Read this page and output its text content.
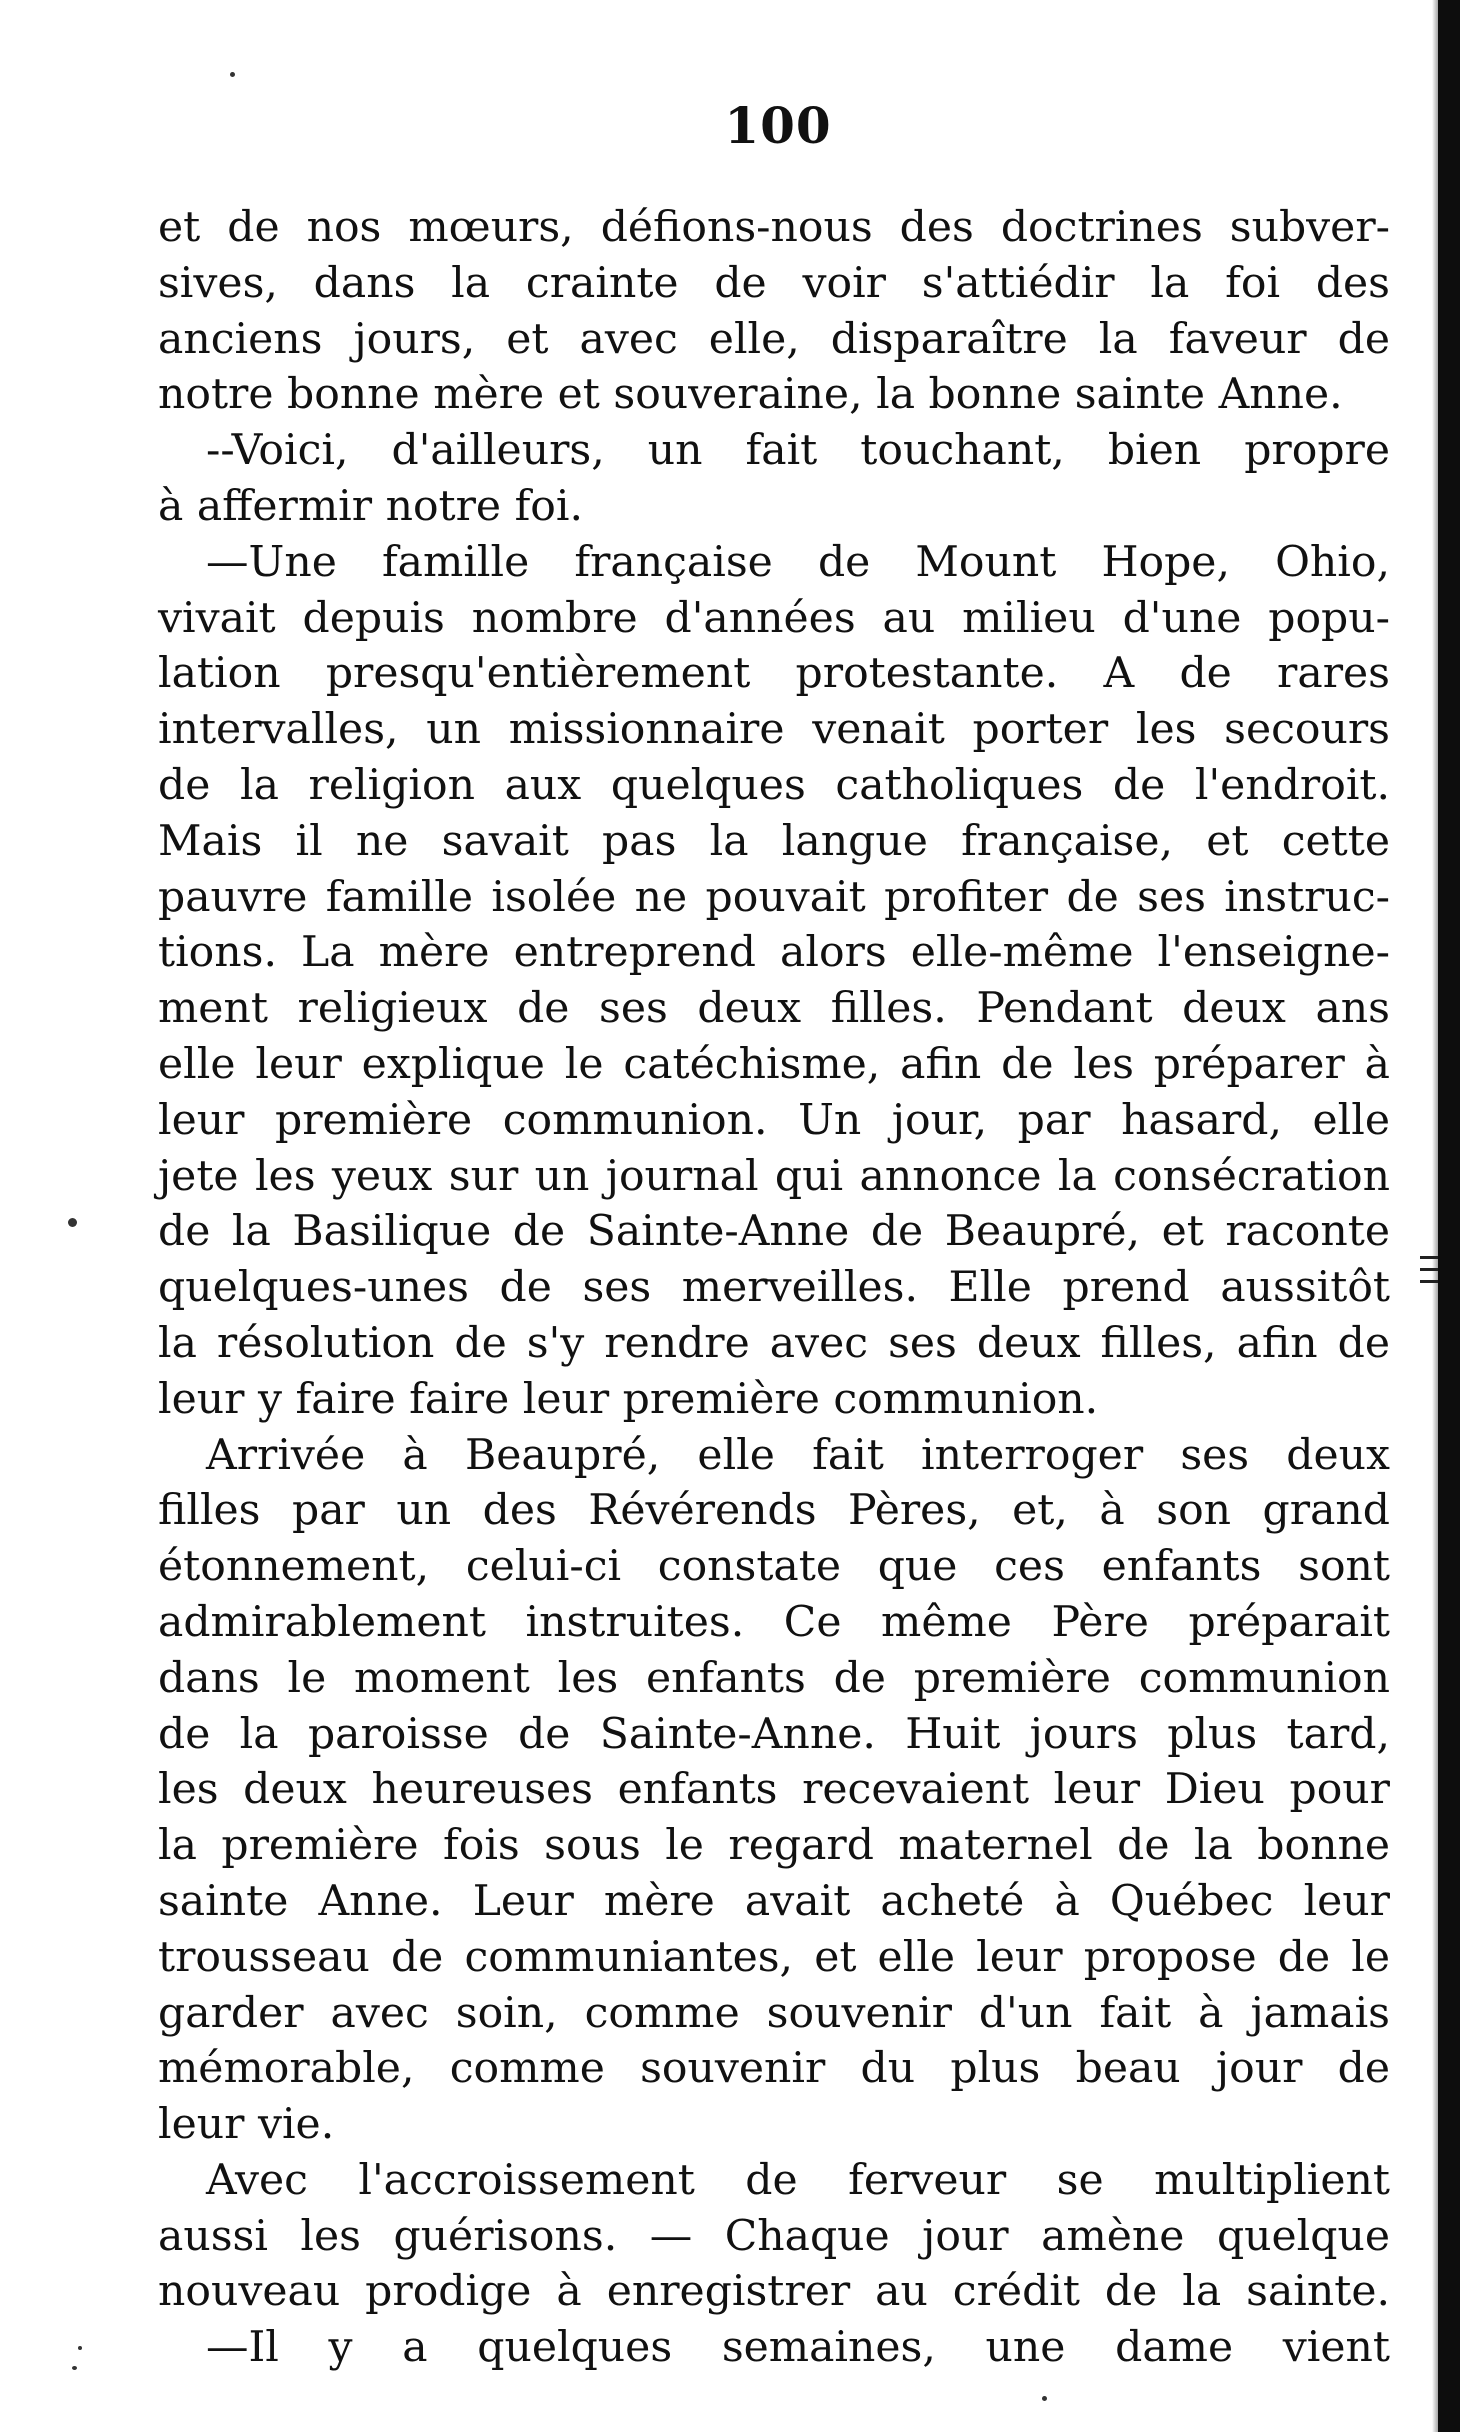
100
et de nos mœurs, défions-nous des doctrines subver-
sives, dans la crainte de voir s'attiédir la foi des
anciens jours, et avec elle, disparaître la faveur de
notre bonne mère et souveraine, la bonne sainte Anne.
--Voici, d'ailleurs, un fait touchant, bien propre
à affermir notre foi.
—Une famille française de Mount Hope, Ohio,
vivait depuis nombre d'années au milieu d'une popu-
lation presqu'entièrement protestante. A de rares
intervalles, un missionnaire venait porter les secours
de la religion aux quelques catholiques de l'endroit.
Mais il ne savait pas la langue française, et cette
pauvre famille isolée ne pouvait profiter de ses instruc-
tions. La mère entreprend alors elle-même l'enseigne-
ment religieux de ses deux filles. Pendant deux ans
elle leur explique le catéchisme, afin de les préparer à
leur première communion. Un jour, par hasard, elle
jete les yeux sur un journal qui annonce la consécration
de la Basilique de Sainte-Anne de Beaupré, et raconte
quelques-unes de ses merveilles. Elle prend aussitôt
la résolution de s'y rendre avec ses deux filles, afin de
leur y faire faire leur première communion.
Arrivée à Beaupré, elle fait interroger ses deux
filles par un des Révérends Pères, et, à son grand
étonnement, celui-ci constate que ces enfants sont
admirablement instruites. Ce même Père préparait
dans le moment les enfants de première communion
de la paroisse de Sainte-Anne. Huit jours plus tard,
les deux heureuses enfants recevaient leur Dieu pour
la première fois sous le regard maternel de la bonne
sainte Anne. Leur mère avait acheté à Québec leur
trousseau de communiantes, et elle leur propose de le
garder avec soin, comme souvenir d'un fait à jamais
mémorable, comme souvenir du plus beau jour de
leur vie.
Avec l'accroissement de ferveur se multiplient
aussi les guérisons. — Chaque jour amène quelque
nouveau prodige à enregistrer au crédit de la sainte.
—Il y a quelques semaines, une dame vient
